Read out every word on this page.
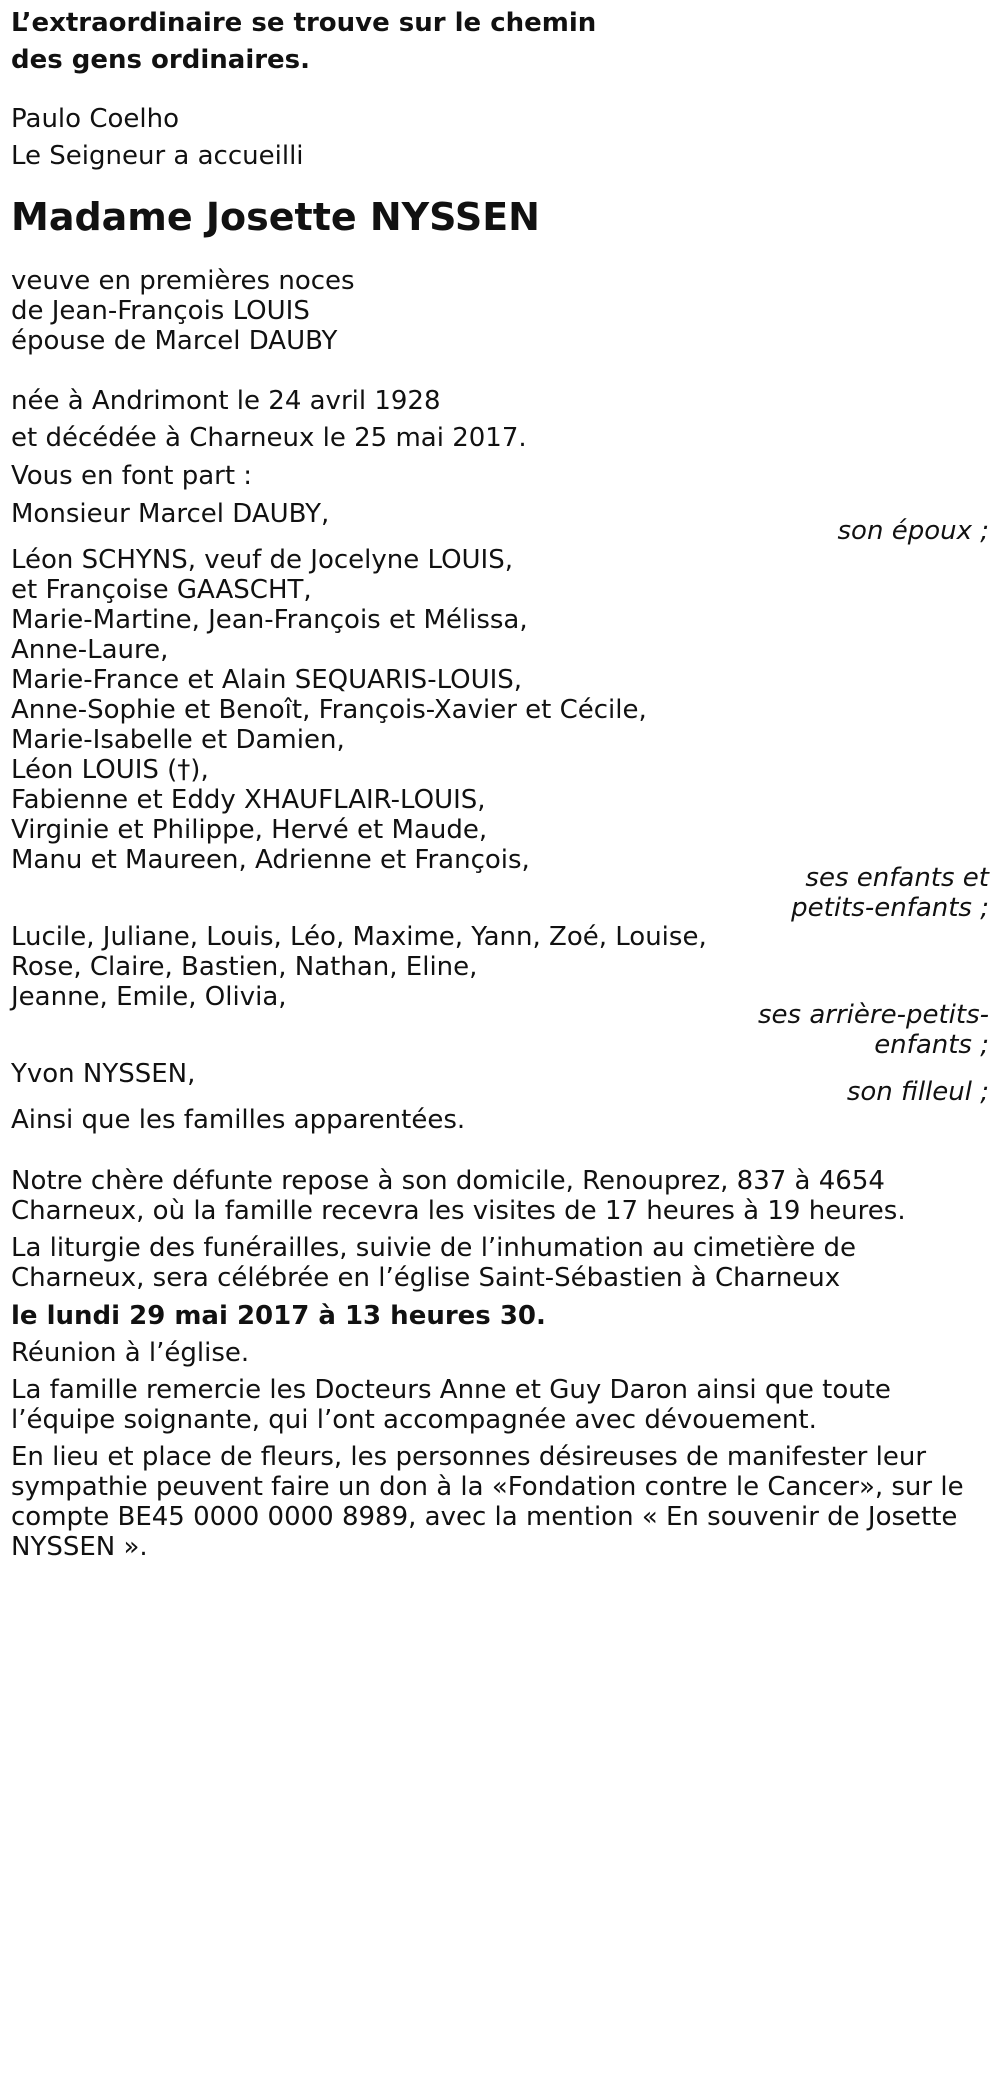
L’extraordinaire se trouve sur le chemin
des gens ordinaires.
Paulo Coelho
Le Seigneur a accueilli
Madame Josette NYSSEN
veuve en premières noces
de Jean-François LOUIS
épouse de Marcel DAUBY
née à Andrimont le 24 avril 1928
et décédée à Charneux le 25 mai 2017.
Vous en font part :
Monsieur Marcel DAUBY,
son époux ;
Léon SCHYNS, veuf de Jocelyne LOUIS,
et Françoise GAASCHT,
Marie-Martine, Jean-François et Mélissa,
Anne-Laure,
Marie-France et Alain SEQUARIS-LOUIS,
Anne-Sophie et Benoît, François-Xavier et Cécile,
Marie-Isabelle et Damien,
Léon LOUIS (†),
Fabienne et Eddy XHAUFLAIR-LOUIS,
Virginie et Philippe, Hervé et Maude,
Manu et Maureen, Adrienne et François,
ses enfants et
petits-enfants ;
Lucile, Juliane, Louis, Léo, Maxime, Yann, Zoé, Louise,
Rose, Claire, Bastien, Nathan, Eline,
Jeanne, Emile, Olivia,
ses arrière-petits-
enfants ;
Yvon NYSSEN,
son filleul ;
Ainsi que les familles apparentées.
Notre chère défunte repose à son domicile, Renouprez, 837 à 4654
Charneux, où la famille recevra les visites de 17 heures à 19 heures.
La liturgie des funérailles, suivie de l’inhumation au cimetière de
Charneux, sera célébrée en l’église Saint-Sébastien à Charneux
le lundi 29 mai 2017 à 13 heures 30.
Réunion à l’église.
La famille remercie les Docteurs Anne et Guy Daron ainsi que toute
l’équipe soignante, qui l’ont accompagnée avec dévouement.
En lieu et place de fleurs, les personnes désireuses de manifester leur
sympathie peuvent faire un don à la «Fondation contre le Cancer», sur le
compte BE45 0000 0000 8989, avec la mention « En souvenir de Josette
NYSSEN ».
